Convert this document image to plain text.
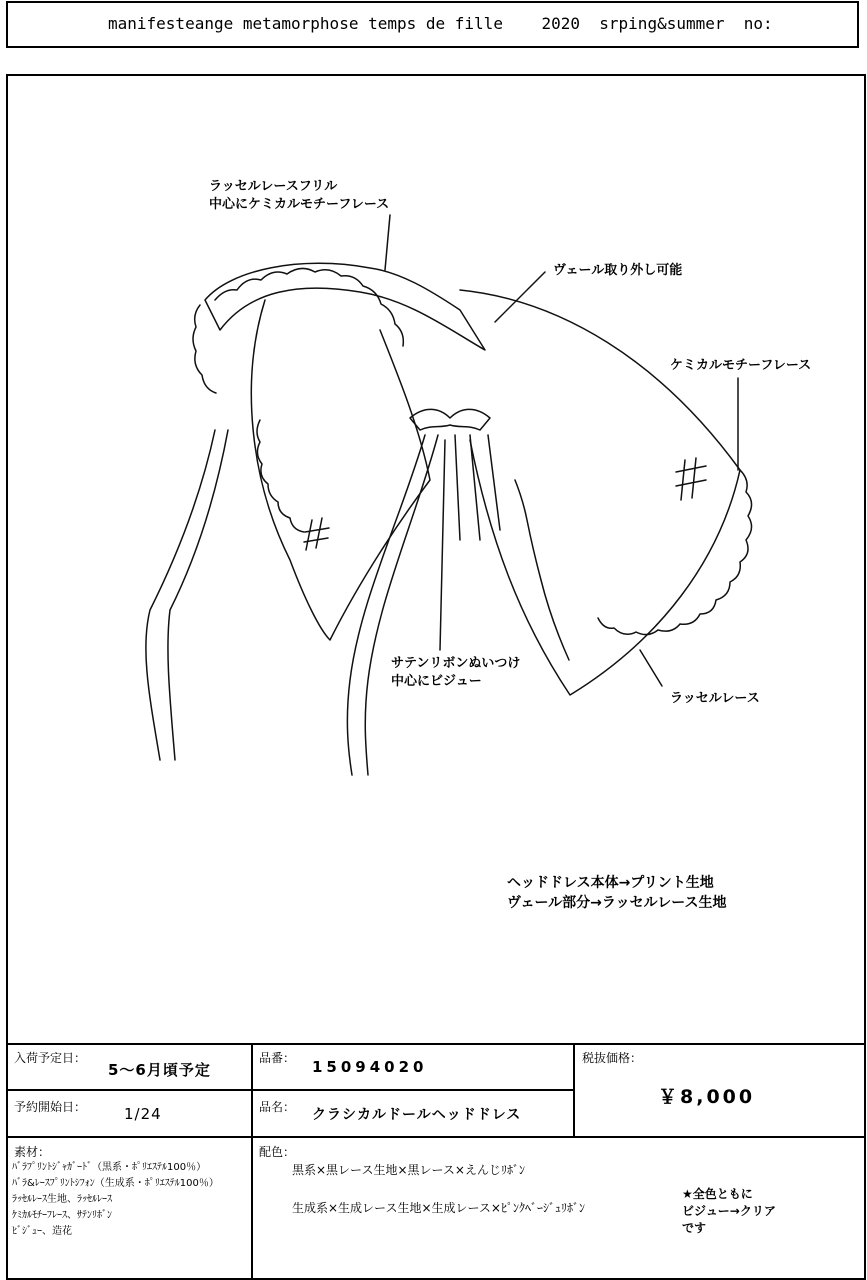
manifesteange metamorphose temps de fille    2020  srping&summer  no:
ラッセルレースフリル
中心にケミカルモチーフレース
ヴェール取り外し可能
ケミカルモチーフレース
サテンリボンぬいつけ
中心にビジュー
ラッセルレース
ヘッドドレス本体→プリント生地
ヴェール部分→ラッセルレース生地
入荷予定日：
5〜6月頃予定
予約開始日：	1/24
品番： 15094020
品名： クラシカルドールヘッドドレス
税抜価格：
￥8,000
素材：
ﾊﾞﾗﾌﾟﾘﾝﾄｼﾞｬｶﾞｰﾄﾞ（黒系・ﾎﾟﾘｴｽﾃﾙ100％）
ﾊﾞﾗ&ﾚｰｽﾌﾟﾘﾝﾄｼﾌｫﾝ（生成系・ﾎﾟﾘｴｽﾃﾙ100％）
ﾗｯｾﾙﾚｰｽ生地、ﾗｯｾﾙﾚｰｽ
ｹﾐｶﾙﾓﾁｰﾌﾚｰｽ、ｻﾃﾝﾘﾎﾞﾝ
ﾋﾞｼﾞｭｰ、造花
配色：
黒系×黒レース生地×黒レース×えんじﾘﾎﾞﾝ
生成系×生成レース生地×生成レース×ﾋﾟﾝｸﾍﾞｰｼﾞｭﾘﾎﾞﾝ
★全色ともに
ビジュー→クリア
です
